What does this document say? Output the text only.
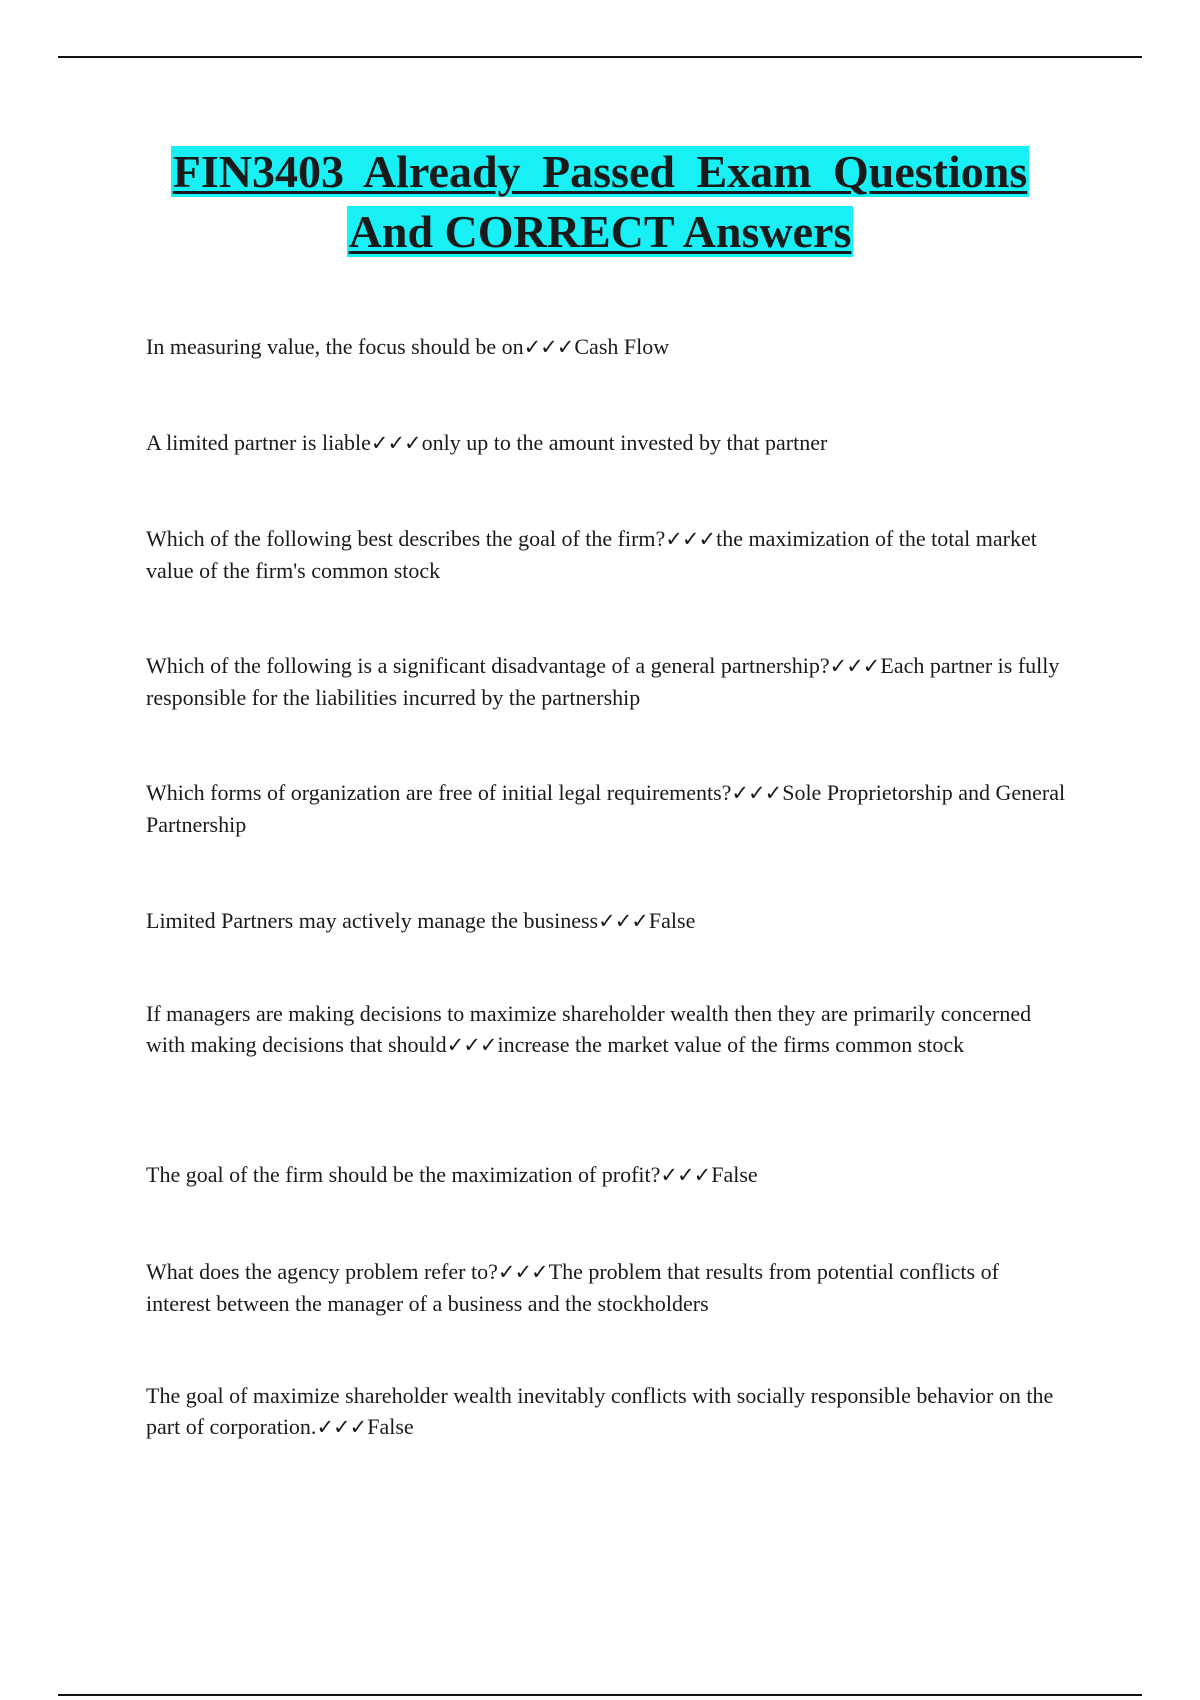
FIN3403 Already Passed Exam Questions
And CORRECT Answers

In measuring value, the focus should be on✓✓✓Cash Flow

A limited partner is liable✓✓✓only up to the amount invested by that partner

Which of the following best describes the goal of the firm?✓✓✓the maximization of the total market value of the firm's common stock

Which of the following is a significant disadvantage of a general partnership?✓✓✓Each partner is fully responsible for the liabilities incurred by the partnership

Which forms of organization are free of initial legal requirements?✓✓✓Sole Proprietorship and General Partnership

Limited Partners may actively manage the business✓✓✓False

If managers are making decisions to maximize shareholder wealth then they are primarily concerned with making decisions that should✓✓✓increase the market value of the firms common stock

The goal of the firm should be the maximization of profit?✓✓✓False

What does the agency problem refer to?✓✓✓The problem that results from potential conflicts of interest between the manager of a business and the stockholders

The goal of maximize shareholder wealth inevitably conflicts with socially responsible behavior on the part of corporation.✓✓✓False
